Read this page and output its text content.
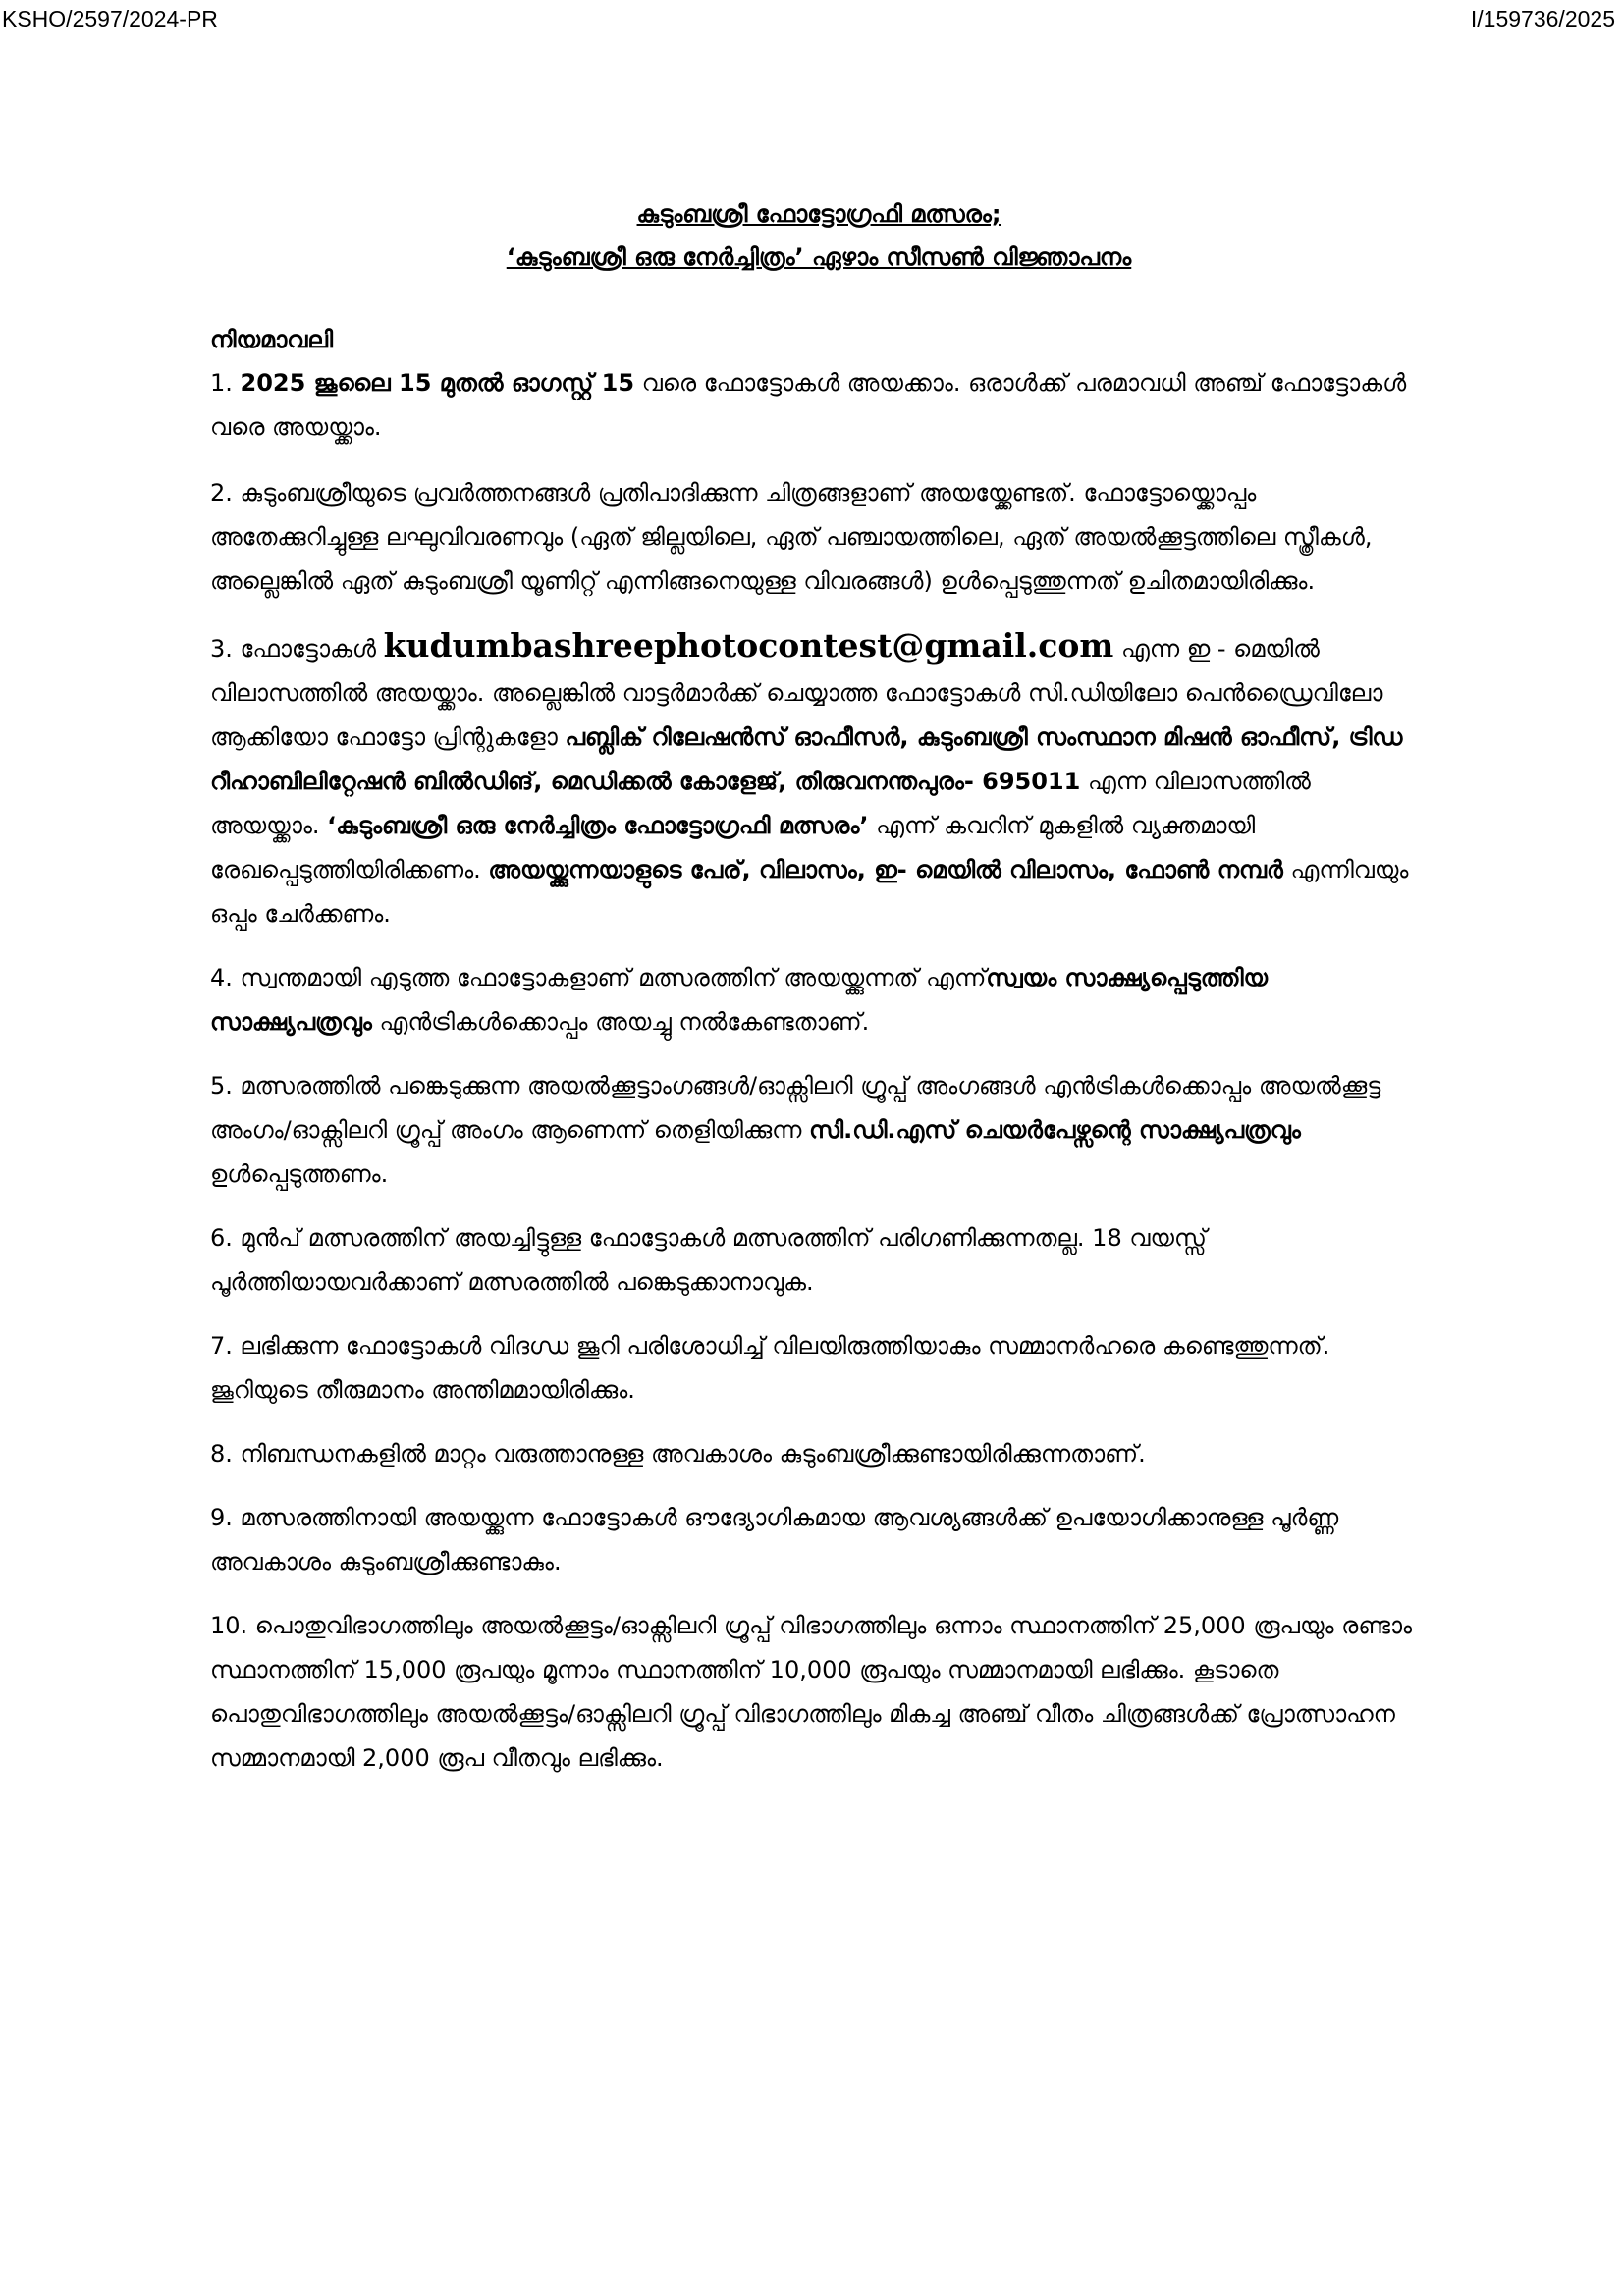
KSHO/2597/2024-PR	I/159736/2025
കുടുംബശ്രീ ഫോട്ടോഗ്രഫി മത്സരം;
‘കുടുംബശ്രീ ഒരു നേർച്ചിത്രം’ ഏഴാം സീസൺ വിജ്ഞാപനം
നിയമാവലി

1. 2025 ജൂലൈ 15 മുതൽ ഓഗസ്റ്റ് 15 വരെ ഫോട്ടോകൾ അയക്കാം. ഒരാൾക്ക് പരമാവധി അഞ്ച് ഫോട്ടോകൾ വരെ അയയ്ക്കാം.

2. കുടുംബശ്രീയുടെ പ്രവർത്തനങ്ങൾ പ്രതിപാദിക്കുന്ന ചിത്രങ്ങളാണ് അയയ്ക്കേണ്ടത്. ഫോട്ടോയ്ക്കൊപ്പം അതേക്കുറിച്ചുള്ള ലഘുവിവരണവും (ഏത് ജില്ലയിലെ, ഏത് പഞ്ചായത്തിലെ, ഏത് അയൽക്കൂട്ടത്തിലെ സ്ത്രീകൾ, അല്ലെങ്കിൽ ഏത് കുടുംബശ്രീ യൂണിറ്റ് എന്നിങ്ങനെയുള്ള വിവരങ്ങൾ) ഉൾപ്പെടുത്തുന്നത് ഉചിതമായിരിക്കും.

3. ഫോട്ടോകൾ kudumbashreephotocontest@gmail.com എന്ന ഇ - മെയിൽ വിലാസത്തിൽ അയയ്ക്കാം. അല്ലെങ്കിൽ വാട്ടർമാർക്ക് ചെയ്യാത്ത ഫോട്ടോകൾ സി.ഡിയിലോ പെൻഡ്രൈവിലോ ആക്കിയോ ഫോട്ടോ പ്രിന്റുകളോ പബ്ലിക് റിലേഷൻസ് ഓഫീസർ, കുടുംബശ്രീ സംസ്ഥാന മിഷൻ ഓഫീസ്, ട്രിഡ റീഹാബിലിറ്റേഷൻ ബിൽഡിങ്, മെഡിക്കൽ കോളേജ്, തിരുവനന്തപുരം- 695011 എന്ന വിലാസത്തിൽ അയയ്ക്കാം. ‘കുടുംബശ്രീ ഒരു നേർച്ചിത്രം ഫോട്ടോഗ്രഫി മത്സരം’ എന്ന് കവറിന് മുകളിൽ വ്യക്തമായി രേഖപ്പെടുത്തിയിരിക്കണം. അയയ്ക്കുന്നയാളുടെ പേര്, വിലാസം, ഇ- മെയിൽ വിലാസം, ഫോൺ നമ്പർ എന്നിവയും ഒപ്പം ചേർക്കണം.

4. സ്വന്തമായി എടുത്ത ഫോട്ടോകളാണ് മത്സരത്തിന് അയയ്ക്കുന്നത് എന്ന്സ്വയം സാക്ഷ്യപ്പെടുത്തിയ സാക്ഷ്യപത്രവും എൻട്രികൾക്കൊപ്പം അയച്ചു നൽകേണ്ടതാണ്.

5. മത്സരത്തിൽ പങ്കെടുക്കുന്ന അയൽക്കൂട്ടാംഗങ്ങൾ/ഓക്സിലറി ഗ്രൂപ്പ് അംഗങ്ങൾ എൻട്രികൾക്കൊപ്പം അയൽക്കൂട്ട അംഗം/ഓക്സിലറി ഗ്രൂപ്പ് അംഗം ആണെന്ന് തെളിയിക്കുന്ന സി.ഡി.എസ് ചെയർപേഴ്സന്റെ സാക്ഷ്യപത്രവും ഉൾപ്പെടുത്തണം.

6. മുൻപ് മത്സരത്തിന് അയച്ചിട്ടുള്ള ഫോട്ടോകൾ മത്സരത്തിന് പരിഗണിക്കുന്നതല്ല. 18 വയസ്സ് പൂർത്തിയായവർക്കാണ് മത്സരത്തിൽ പങ്കെടുക്കാനാവുക.

7. ലഭിക്കുന്ന ഫോട്ടോകൾ വിദഗ്ധ ജൂറി പരിശോധിച്ച് വിലയിരുത്തിയാകും സമ്മാനർഹരെ കണ്ടെത്തുന്നത്. ജൂറിയുടെ തീരുമാനം അന്തിമമായിരിക്കും.

8. നിബന്ധനകളിൽ മാറ്റം വരുത്താനുള്ള അവകാശം കുടുംബശ്രീക്കുണ്ടായിരിക്കുന്നതാണ്.

9. മത്സരത്തിനായി അയയ്ക്കുന്ന ഫോട്ടോകൾ ഔദ്യോഗികമായ ആവശ്യങ്ങൾക്ക് ഉപയോഗിക്കാനുള്ള പൂർണ്ണ അവകാശം കുടുംബശ്രീക്കുണ്ടാകും.

10. പൊതുവിഭാഗത്തിലും അയൽക്കൂട്ടം/ഓക്സിലറി ഗ്രൂപ്പ് വിഭാഗത്തിലും ഒന്നാം സ്ഥാനത്തിന് 25,000 രൂപയും രണ്ടാം സ്ഥാനത്തിന് 15,000 രൂപയും മൂന്നാം സ്ഥാനത്തിന് 10,000 രൂപയും സമ്മാനമായി ലഭിക്കും. കൂടാതെ പൊതുവിഭാഗത്തിലും അയൽക്കൂട്ടം/ഓക്സിലറി ഗ്രൂപ്പ് വിഭാഗത്തിലും മികച്ച അഞ്ച് വീതം ചിത്രങ്ങൾക്ക് പ്രോത്സാഹന സമ്മാനമായി 2,000 രൂപ വീതവും ലഭിക്കും.
